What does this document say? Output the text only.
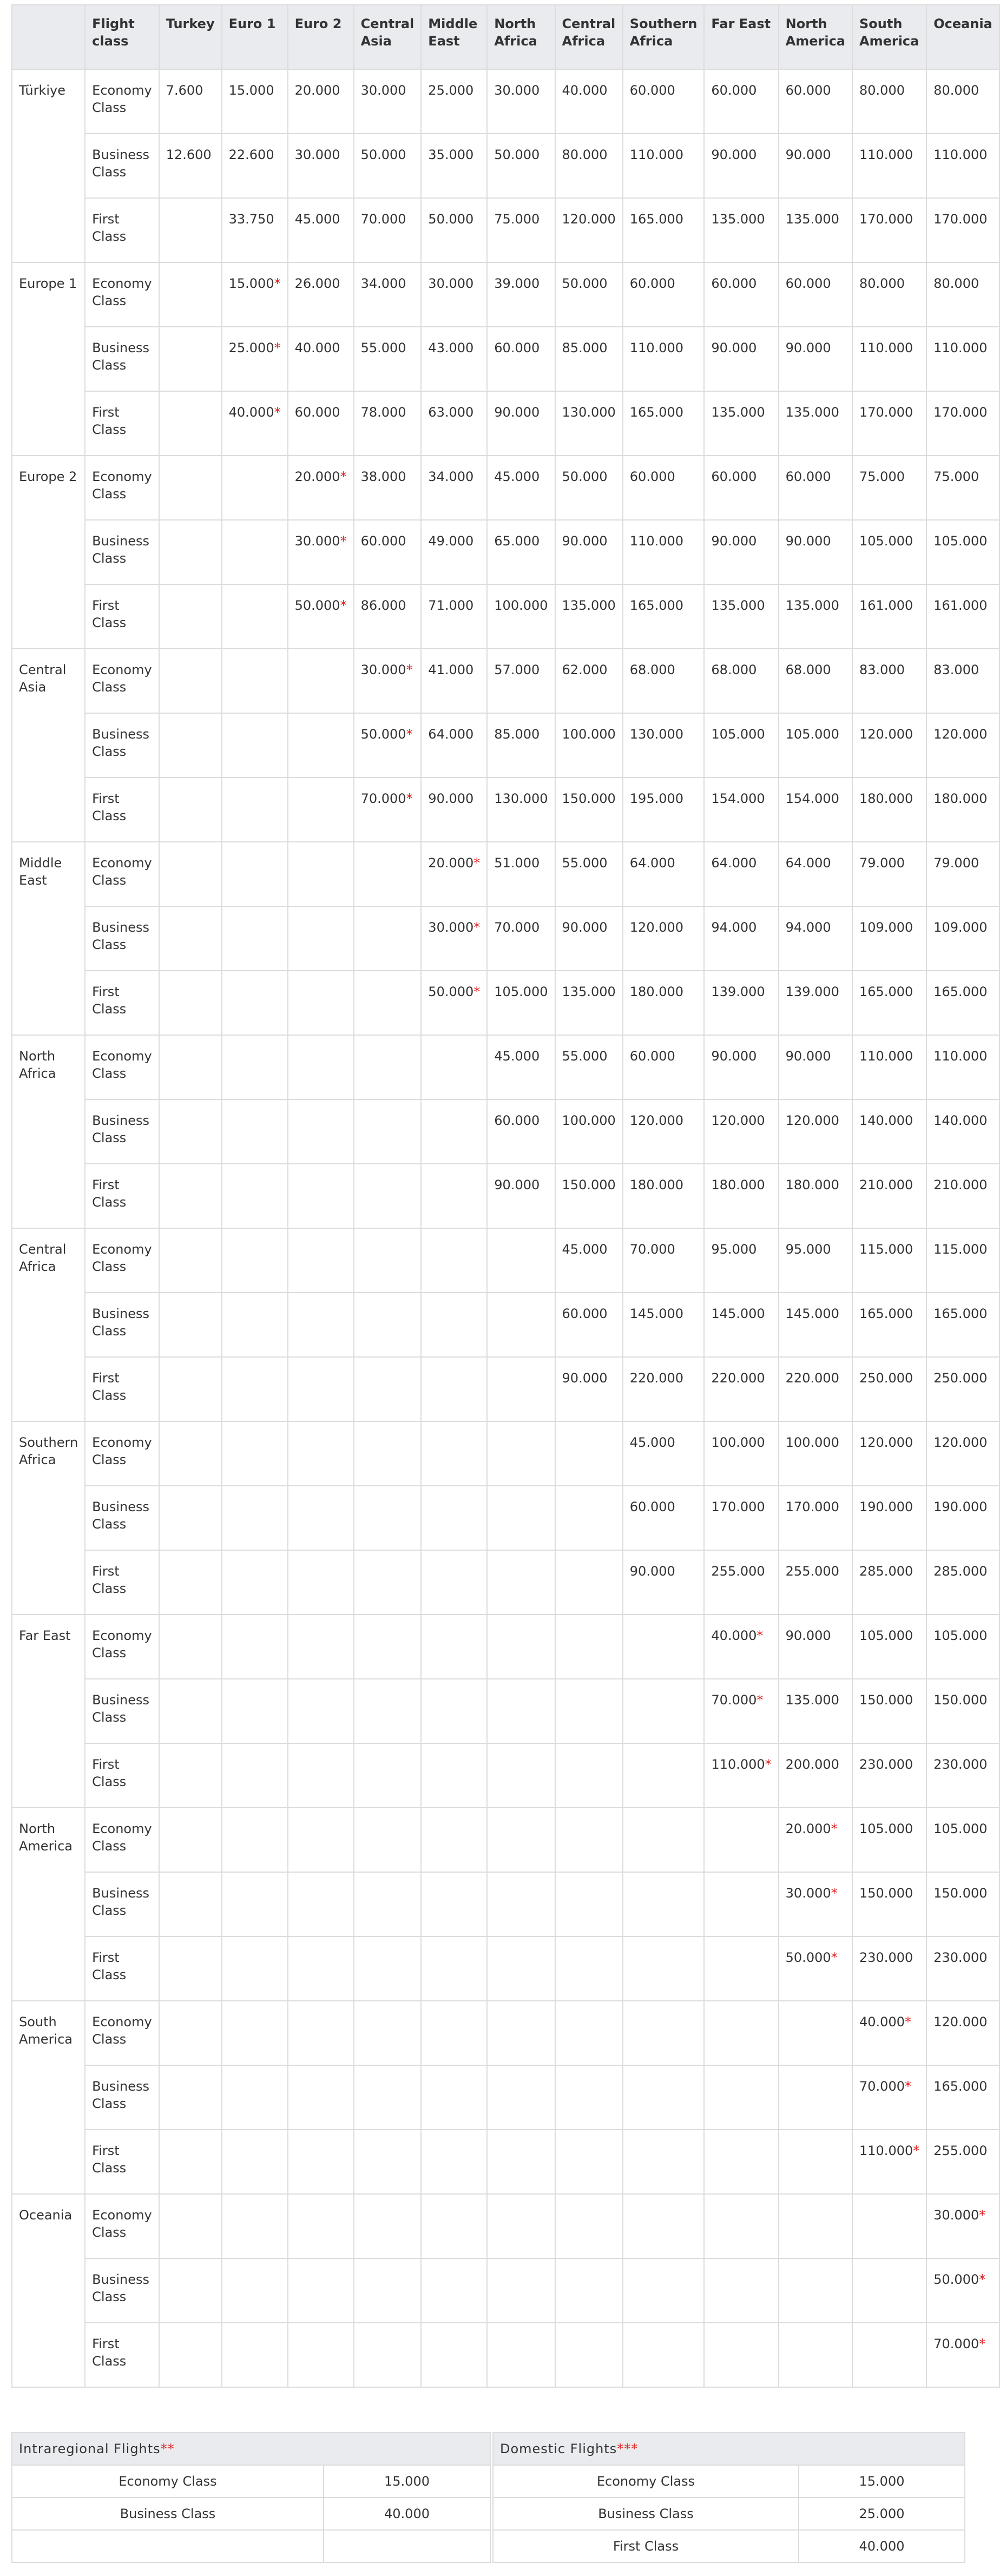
	Flight class	Turkey	Euro 1	Euro 2	Central Asia	Middle East	North Africa	Central Africa	Southern Africa	Far East	North America	South America	Oceania
Türkiye	Economy Class	7.600	15.000	20.000	30.000	25.000	30.000	40.000	60.000	60.000	60.000	80.000	80.000
	Business Class	12.600	22.600	30.000	50.000	35.000	50.000	80.000	110.000	90.000	90.000	110.000	110.000
	First Class		33.750	45.000	70.000	50.000	75.000	120.000	165.000	135.000	135.000	170.000	170.000
Europe 1	Economy Class		15.000*	26.000	34.000	30.000	39.000	50.000	60.000	60.000	60.000	80.000	80.000
	Business Class		25.000*	40.000	55.000	43.000	60.000	85.000	110.000	90.000	90.000	110.000	110.000
	First Class		40.000*	60.000	78.000	63.000	90.000	130.000	165.000	135.000	135.000	170.000	170.000
Europe 2	Economy Class			20.000*	38.000	34.000	45.000	50.000	60.000	60.000	60.000	75.000	75.000
	Business Class			30.000*	60.000	49.000	65.000	90.000	110.000	90.000	90.000	105.000	105.000
	First Class			50.000*	86.000	71.000	100.000	135.000	165.000	135.000	135.000	161.000	161.000
Central Asia	Economy Class				30.000*	41.000	57.000	62.000	68.000	68.000	68.000	83.000	83.000
	Business Class				50.000*	64.000	85.000	100.000	130.000	105.000	105.000	120.000	120.000
	First Class				70.000*	90.000	130.000	150.000	195.000	154.000	154.000	180.000	180.000
Middle East	Economy Class					20.000*	51.000	55.000	64.000	64.000	64.000	79.000	79.000
	Business Class					30.000*	70.000	90.000	120.000	94.000	94.000	109.000	109.000
	First Class					50.000*	105.000	135.000	180.000	139.000	139.000	165.000	165.000
North Africa	Economy Class						45.000	55.000	60.000	90.000	90.000	110.000	110.000
	Business Class						60.000	100.000	120.000	120.000	120.000	140.000	140.000
	First Class						90.000	150.000	180.000	180.000	180.000	210.000	210.000
Central Africa	Economy Class							45.000	70.000	95.000	95.000	115.000	115.000
	Business Class							60.000	145.000	145.000	145.000	165.000	165.000
	First Class							90.000	220.000	220.000	220.000	250.000	250.000
Southern Africa	Economy Class								45.000	100.000	100.000	120.000	120.000
	Business Class								60.000	170.000	170.000	190.000	190.000
	First Class								90.000	255.000	255.000	285.000	285.000
Far East	Economy Class									40.000*	90.000	105.000	105.000
	Business Class									70.000*	135.000	150.000	150.000
	First Class									110.000*	200.000	230.000	230.000
North America	Economy Class										20.000*	105.000	105.000
	Business Class										30.000*	150.000	150.000
	First Class										50.000*	230.000	230.000
South America	Economy Class											40.000*	120.000
	Business Class											70.000*	165.000
	First Class											110.000*	255.000
Oceania	Economy Class												30.000*
	Business Class												50.000*
	First Class												70.000*
Intraregional Flights**	
Economy Class	15.000
Business Class	40.000

Domestic Flights***	
Economy Class	15.000
Business Class	25.000
First Class	40.000
